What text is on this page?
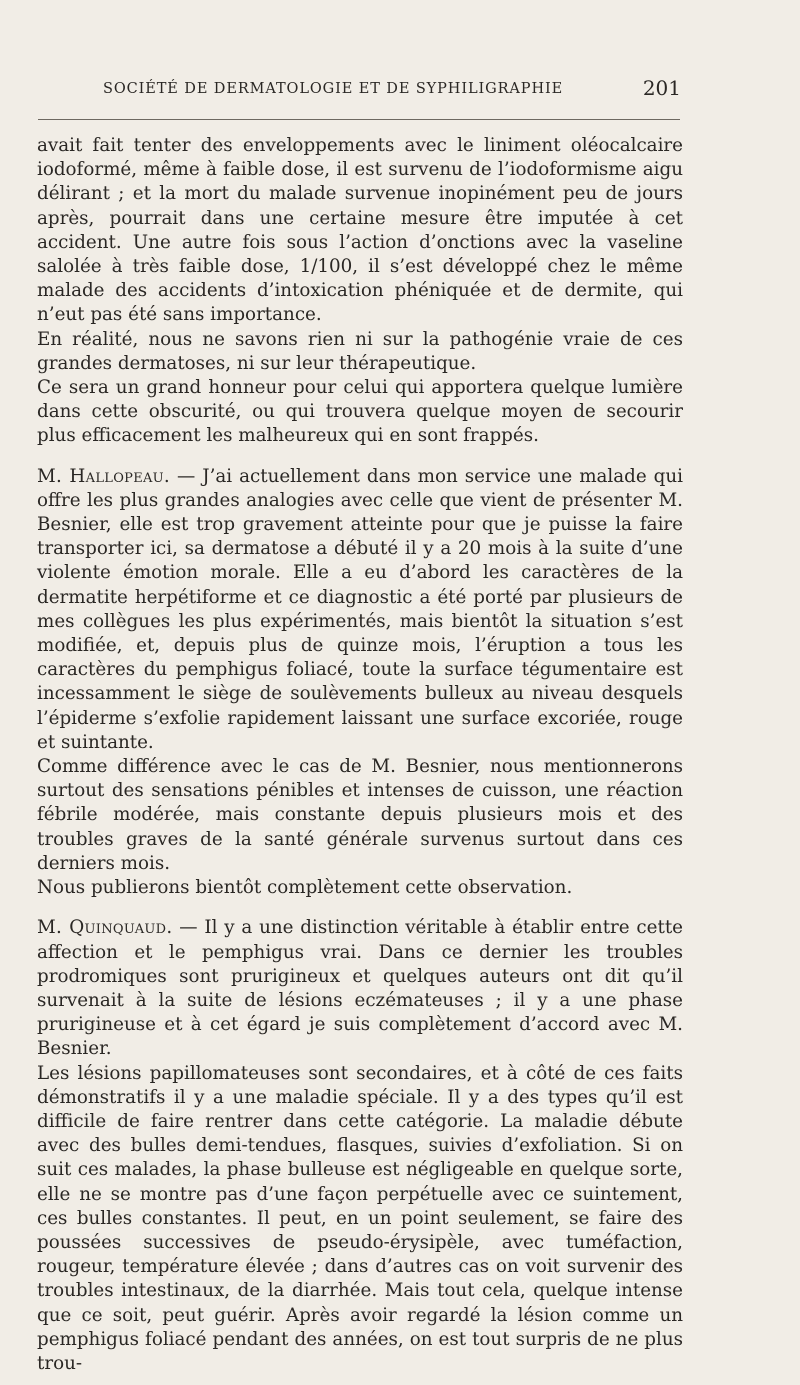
SOCIÉTÉ DE DERMATOLOGIE ET DE SYPHILIGRAPHIE	201

avait fait tenter des enveloppements avec le liniment oléocalcaire iodoformé, même à faible dose, il est survenu de l’iodoformisme aigu délirant ; et la mort du malade survenue inopinément peu de jours après, pourrait dans une certaine mesure être imputée à cet accident. Une autre fois sous l’action d’onctions avec la vaseline salolée à très faible dose, 1/100, il s’est développé chez le même malade des accidents d’intoxication phéniquée et de dermite, qui n’eut pas été sans importance.

En réalité, nous ne savons rien ni sur la pathogénie vraie de ces grandes dermatoses, ni sur leur thérapeutique.

Ce sera un grand honneur pour celui qui apportera quelque lumière dans cette obscurité, ou qui trouvera quelque moyen de secourir plus efficacement les malheureux qui en sont frappés.

M. Hallopeau. — J’ai actuellement dans mon service une malade qui offre les plus grandes analogies avec celle que vient de présenter M. Besnier, elle est trop gravement atteinte pour que je puisse la faire transporter ici, sa dermatose a débuté il y a 20 mois à la suite d’une violente émotion morale. Elle a eu d’abord les caractères de la dermatite herpétiforme et ce diagnostic a été porté par plusieurs de mes collègues les plus expérimentés, mais bientôt la situation s’est modifiée, et, depuis plus de quinze mois, l’éruption a tous les caractères du pemphigus foliacé, toute la surface tégumentaire est incessamment le siège de soulèvements bulleux au niveau desquels l’épiderme s’exfolie rapidement laissant une surface excoriée, rouge et suintante.

Comme différence avec le cas de M. Besnier, nous mentionnerons surtout des sensations pénibles et intenses de cuisson, une réaction fébrile modérée, mais constante depuis plusieurs mois et des troubles graves de la santé générale survenus surtout dans ces derniers mois.

Nous publierons bientôt complètement cette observation.

M. Quinquaud. — Il y a une distinction véritable à établir entre cette affection et le pemphigus vrai. Dans ce dernier les troubles prodromiques sont prurigineux et quelques auteurs ont dit qu’il survenait à la suite de lésions eczémateuses ; il y a une phase prurigineuse et à cet égard je suis complètement d’accord avec M. Besnier.

Les lésions papillomateuses sont secondaires, et à côté de ces faits démonstratifs il y a une maladie spéciale. Il y a des types qu’il est difficile de faire rentrer dans cette catégorie. La maladie débute avec des bulles demi-tendues, flasques, suivies d’exfoliation. Si on suit ces malades, la phase bulleuse est négligeable en quelque sorte, elle ne se montre pas d’une façon perpétuelle avec ce suintement, ces bulles constantes. Il peut, en un point seulement, se faire des poussées successives de pseudo-érysipèle, avec tuméfaction, rougeur, température élevée ; dans d’autres cas on voit survenir des troubles intestinaux, de la diarrhée. Mais tout cela, quelque intense que ce soit, peut guérir. Après avoir regardé la lésion comme un pemphigus foliacé pendant des années, on est tout surpris de ne plus trou-
